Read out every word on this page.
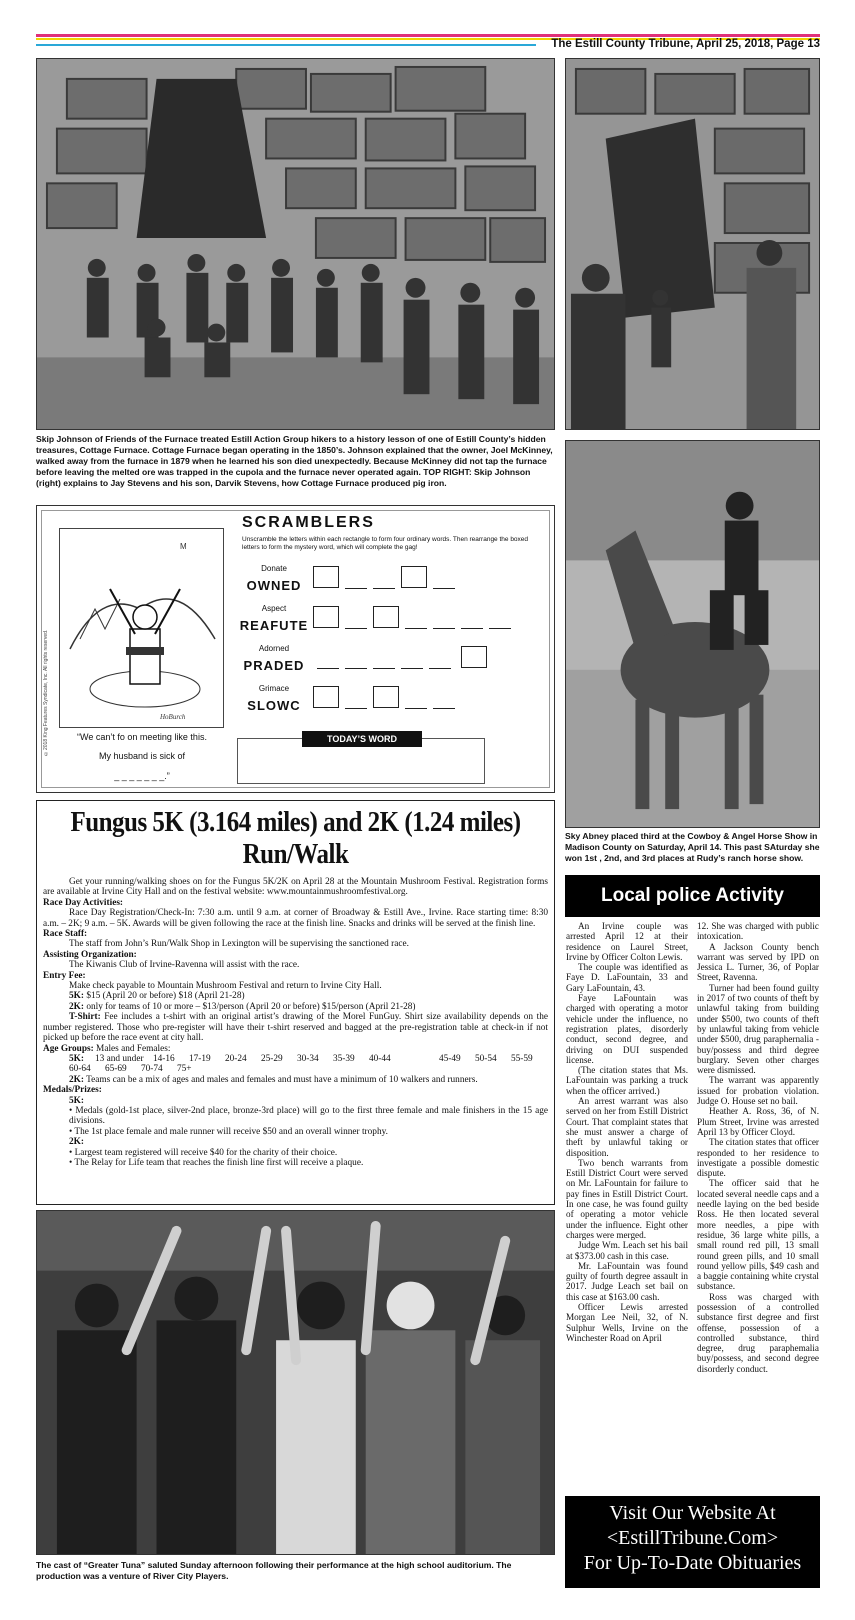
The Estill County Tribune, April 25, 2018, Page 13
Skip Johnson of Friends of the Furnace treated Estill Action Group hikers to a history lesson of one of Estill County’s hidden treasures, Cottage Furnace. Cottage Furnace began operating in the 1850’s. Johnson explained that the owner, Joel McKinney, walked away from the furnace in 1879 when he learned his son died unexpectedly. Because McKinney did not tap the furnace before leaving the melted ore was trapped in the cupola and the furnace never operated again. TOP RIGHT: Skip Johnson (right) explains to Jay Stevens and his son, Darvik Stevens, how Cottage Furnace produced pig iron.
Sky Abney placed third at the Cowboy & Angel Horse Show in Madison County on Saturday, April 14. This past SAturday she won 1st , 2nd, and 3rd places at Rudy’s ranch horse show.
©2018 King Features Syndicate, Inc. All rights reserved.
M
HoBurch
“We can’t fo on meeting like this.
My husband is sick of
_ _ _ _ _ _ _.”
SCRAMBLERS
Unscramble the letters within each rectangle to form four ordinary words. Then rearrange the boxed letters to form the mystery word, which will complete the gag!
Donate
OWNED
Aspect
REAFUTE
Adorned
PRADED
Grimace
SLOWC
TODAY’S WORD
Fungus 5K (3.164 miles) and 2K (1.24 miles) Run/Walk

Get your running/walking shoes on for the Fungus 5K/2K on April 28 at the Mountain Mushroom Festival. Registration forms are available at Irvine City Hall and on the festival website: www.mountainmushroomfestival.org.

Race Day Activities:

Race Day Registration/Check-In: 7:30 a.m. until 9 a.m. at corner of Broadway & Estill Ave., Irvine. Race starting time: 8:30 a.m. – 2K; 9 a.m. – 5K. Awards will be given following the race at the finish line. Snacks and drinks will be served at the finish line.

Race Staff:

The staff from John’s Run/Walk Shop in Lexington will be supervising the sanctioned race.

Assisting Organization:

The Kiwanis Club of Irvine-Ravenna will assist with the race.

Entry Fee:

Make check payable to Mountain Mushroom Festival and return to Irvine City Hall.

5K: $15 (April 20 or before) $18 (April 21-28)

2K: only for teams of 10 or more – $13/person (April 20 or before) $15/person (April 21-28)

T-Shirt: Fee includes a t-shirt with an original artist’s drawing of the Morel FunGuy. Shirt size availability depends on the number registered. Those who pre-register will have their t-shirt reserved and bagged at the pre-registration table at check-in if not picked up before the race event at city hall.

Age Groups: Males and Females:

5K:	13 and under	14-16	17-19	20-24	25-29	30-34	35-39	40-44	45-49	50-54	55-59
60-64	65-69	70-74	75+

2K: Teams can be a mix of ages and males and females and must have a minimum of 10 walkers and runners.

Medals/Prizes:

5K:

• Medals (gold-1st place, silver-2nd place, bronze-3rd place) will go to the first three female and male finishers in the 15 age divisions.

• The 1st place female and male runner will receive $50 and an overall winner trophy.

2K:

• Largest team registered will receive $40 for the charity of their choice.

• The Relay for Life team that reaches the finish line first will receive a plaque.

The cast of “Greater Tuna” saluted Sunday afternoon following their performance at the high school auditorium. The production was a venture of River City Players.
Local police Activity

An Irvine couple was arrested April 12 at their residence on Laurel Street, Irvine by Officer Colton Lewis.

The couple was identified as Faye D. LaFountain, 33 and Gary LaFountain, 43.

Faye LaFountain was charged with operating a motor vehicle under the influence, no registration plates, disorderly conduct, second degree, and driving on DUI suspended license.

(The citation states that Ms. LaFountain was parking a truck when the officer arrived.)

An arrest warrant was also served on her from Estill District Court. That complaint states that she must answer a charge of theft by unlawful taking or disposition.

Two bench warrants from Estill District Court were served on Mr. LaFountain for failure to pay fines in Estill District Court. In one case, he was found guilty of operating a motor vehicle under the influence. Eight other charges were merged.

Judge Wm. Leach set his bail at $373.00 cash in this case.

Mr. LaFountain was found guilty of fourth degree assault in 2017. Judge Leach set bail on this case at $163.00 cash.

Officer Lewis arrested Morgan Lee Neil, 32, of N. Sulphur Wells, Irvine on the Winchester Road on April

12. She was charged with public intoxication.

A Jackson County bench warrant was served by IPD on Jessica L. Turner, 36, of Poplar Street, Ravenna.

Turner had been found guilty in 2017 of two counts of theft by unlawful taking from building under $500, two counts of theft by unlawful taking from vehicle under $500, drug paraphernalia - buy/possess and third degree burglary. Seven other charges were dismissed.

The warrant was apparently issued for probation violation. Judge O. House set no bail.

Heather A. Ross, 36, of N. Plum Street, Irvine was arrested April 13 by Officer Cloyd.

The citation states that officer responded to her residence to investigate a possible domestic dispute.

The officer said that he located several needle caps and a needle laying on the bed beside Ross. He then located several more needles, a pipe with residue, 36 large white pills, a small round red pill, 13 small round green pills, and 10 small round yellow pills, $49 cash and a baggie containing white crystal substance.

Ross was charged with possession of a controlled substance first degree and first offense, possession of a controlled substance, third degree, drug paraphemalia buy/possess, and second degree disorderly conduct.

Visit Our Website At
<EstillTribune.Com>
For Up-To-Date Obituaries
